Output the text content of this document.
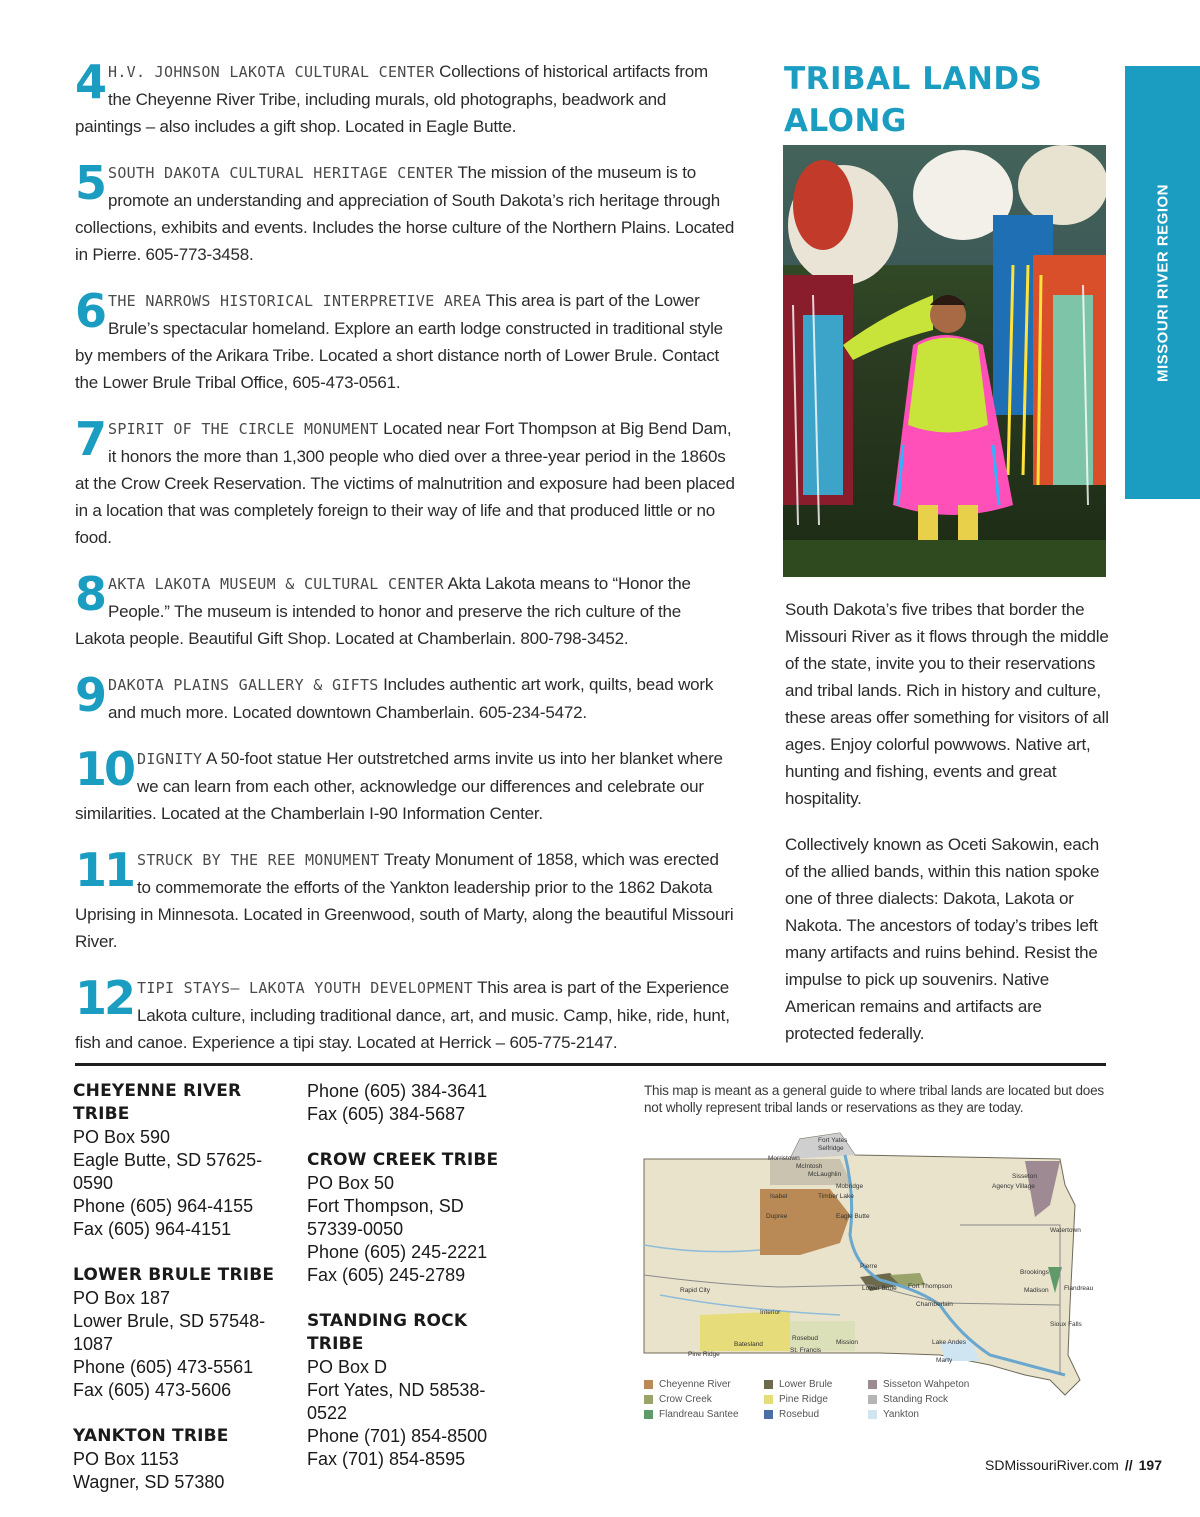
4 H.V. JOHNSON LAKOTA CULTURAL CENTER Collections of historical artifacts from the Cheyenne River Tribe, including murals, old photographs, beadwork and paintings – also includes a gift shop. Located in Eagle Butte.
5 SOUTH DAKOTA CULTURAL HERITAGE CENTER The mission of the museum is to promote an understanding and appreciation of South Dakota’s rich heritage through collections, exhibits and events. Includes the horse culture of the Northern Plains. Located in Pierre. 605-773-3458.
6 THE NARROWS HISTORICAL INTERPRETIVE AREA This area is part of the Lower Brule’s spectacular homeland. Explore an earth lodge constructed in traditional style by members of the Arikara Tribe. Located a short distance north of Lower Brule. Contact the Lower Brule Tribal Office, 605-473-0561.
7 SPIRIT OF THE CIRCLE MONUMENT Located near Fort Thompson at Big Bend Dam, it honors the more than 1,300 people who died over a three-year period in the 1860s at the Crow Creek Reservation. The victims of malnutrition and exposure had been placed in a location that was completely foreign to their way of life and that produced little or no food.
8 AKTA LAKOTA MUSEUM & CULTURAL CENTER Akta Lakota means to “Honor the People.” The museum is intended to honor and preserve the rich culture of the Lakota people. Beautiful Gift Shop. Located at Chamberlain. 800-798-3452.
9 DAKOTA PLAINS GALLERY & GIFTS Includes authentic art work, quilts, bead work and much more. Located downtown Chamberlain. 605-234-5472.
10 DIGNITY A 50-foot statue Her outstretched arms invite us into her blanket where we can learn from each other, acknowledge our differences and celebrate our similarities. Located at the Chamberlain I-90 Information Center.
11 STRUCK BY THE REE MONUMENT Treaty Monument of 1858, which was erected to commemorate the efforts of the Yankton leadership prior to the 1862 Dakota Uprising in Minnesota. Located in Greenwood, south of Marty, along the beautiful Missouri River.
12 TIPI STAYS— LAKOTA YOUTH DEVELOPMENT This area is part of the Experience Lakota culture, including traditional dance, art, and music. Camp, hike, ride, hunt, fish and canoe. Experience a tipi stay. Located at Herrick – 605-775-2147.
TRIBAL LANDS ALONG

South Dakota’s five tribes that border the Missouri River as it flows through the middle of the state, invite you to their reservations and tribal lands. Rich in history and culture, these areas offer something for visitors of all ages. Enjoy colorful powwows. Native art, hunting and fishing, events and great hospitality.

Collectively known as Oceti Sakowin, each of the allied bands, within this nation spoke one of three dialects: Dakota, Lakota or Nakota. The ancestors of today’s tribes left many artifacts and ruins behind. Resist the impulse to pick up souvenirs. Native American remains and artifacts are protected federally.

MISSOURI RIVER REGION
CHEYENNE RIVER TRIBE
PO Box 590
Eagle Butte, SD 57625-0590
Phone (605) 964-4155
Fax (605) 964-4151
LOWER BRULE TRIBE
PO Box 187
Lower Brule, SD 57548-1087
Phone (605) 473-5561
Fax (605) 473-5606
YANKTON TRIBE
PO Box 1153
Wagner, SD 57380
Phone (605) 384-3641
Fax (605) 384-5687
CROW CREEK TRIBE
PO Box 50
Fort Thompson, SD 57339-0050
Phone (605) 245-2221
Fax (605) 245-2789
STANDING ROCK TRIBE
PO Box D
Fort Yates, ND 58538-0522
Phone (701) 854-8500
Fax (701) 854-8595
This map is meant as a general guide to where tribal lands are located but does not wholly represent tribal lands or reservations as they are today.
Morristown
Fort Yates
Selfridge
McIntosh
McLaughlin
Mobridge
Isabel	Timber Lake
Dupree	Eagle Butte
Sisseton
Agency Village
Watertown
Pierre
Lower Brule Fort Thompson
Chamberlain
Rapid City
Brookings
Madison Flandreau
Sioux Falls
Interior
Rosebud
Mission
St. Francis
Batesland
Pine Ridge
Lake Andes
Marty
Cheyenne River
Crow Creek
Flandreau Santee
Lower Brule
Pine Ridge
Rosebud
Sisseton Wahpeton
Standing Rock
Yankton
SDMissouriRiver.com // 197
